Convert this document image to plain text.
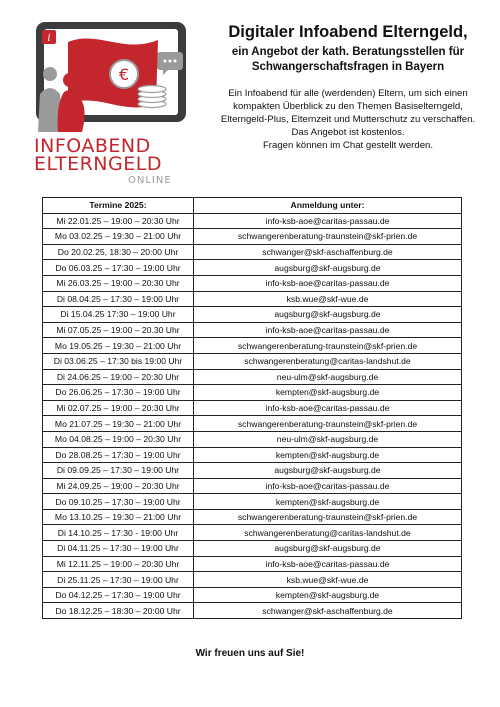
i
€
INFOABEND
ELTERNGELD
ONLINE

Digitaler Infoabend Elterngeld,

ein Angebot der kath. Beratungsstellen für
Schwangerschaftsfragen in Bayern

Ein Infoabend für alle (werdenden) Eltern, um sich einen
kompakten Überblick zu den Themen Basiselterngeld,
Elterngeld-Plus, Elternzeit und Mutterschutz zu verschaffen.
Das Angebot ist kostenlos.
Fragen können im Chat gestellt werden.
Termine 2025:	Anmeldung unter:
Mi 22.01.25 – 19:00 – 20:30 Uhr	info-ksb-aoe@caritas-passau.de
Mo 03.02.25 – 19:30 – 21:00 Uhr	schwangerenberatung-traunstein@skf-prien.de
Do 20.02.25, 18:30 – 20:00 Uhr	schwanger@skf-aschaffenburg.de
Do 06.03.25 – 17:30 – 19:00 Uhr	augsburg@skf-augsburg.de
Mi 26.03.25 – 19:00 – 20:30 Uhr	info-ksb-aoe@caritas-passau.de
Di 08.04.25 – 17:30 – 19:00 Uhr	ksb.wue@skf-wue.de
Di 15.04.25 17:30 – 19:00 Uhr	augsburg@skf-augsburg.de
Mi 07.05.25 – 19:00 – 20.30 Uhr	info-ksb-aoe@caritas-passau.de
Mo 19.05.25 – 19:30 – 21:00 Uhr	schwangerenberatung-traunstein@skf-prien.de
Di 03.06.25 – 17:30 bis 19:00 Uhr	schwangerenberatung@caritas-landshut.de
Di 24.06.25 – 19:00 – 20:30 Uhr	neu-ulm@skf-augsburg.de
Do 26.06.25 – 17:30 – 19:00 Uhr	kempten@skf-augsburg.de
Mi 02.07.25 – 19:00 – 20:30 Uhr	info-ksb-aoe@caritas-passau.de
Mo 21.07.25 – 19:30 – 21:00 Uhr	schwangerenberatung-traunstein@skf-prien.de
Mo 04.08.25 – 19:00 – 20:30 Uhr	neu-ulm@skf-augsburg.de
Do 28.08.25 – 17:30 – 19:00 Uhr	kempten@skf-augsburg.de
Di 09.09.25 – 17:30 – 19:00 Uhr	augsburg@skf-augsburg.de
Mi 24.09.25 – 19:00 – 20:30 Uhr	info-ksb-aoe@caritas-passau.de
Do 09.10.25 – 17:30 – 19:00 Uhr	kempten@skf-augsburg.de
Mo 13.10.25 – 19:30 – 21:00 Uhr	schwangerenberatung-traunstein@skf-prien.de
Di 14.10.25 – 17:30 - 19:00 Uhr	schwangerenberatung@caritas-landshut.de
Di 04.11.25 – 17:30 – 19:00 Uhr	augsburg@skf-augsburg.de
Mi 12.11.25 – 19:00 – 20:30 Uhr	info-ksb-aoe@caritas-passau.de
Di 25.11.25 – 17:30 – 19:00 Uhr	ksb.wue@skf-wue.de
Do 04.12.25 – 17:30 – 19:00 Uhr	kempten@skf-augsburg.de
Do 18.12.25 – 18:30 – 20:00 Uhr	schwanger@skf-aschaffenburg.de
Wir freuen uns auf Sie!
